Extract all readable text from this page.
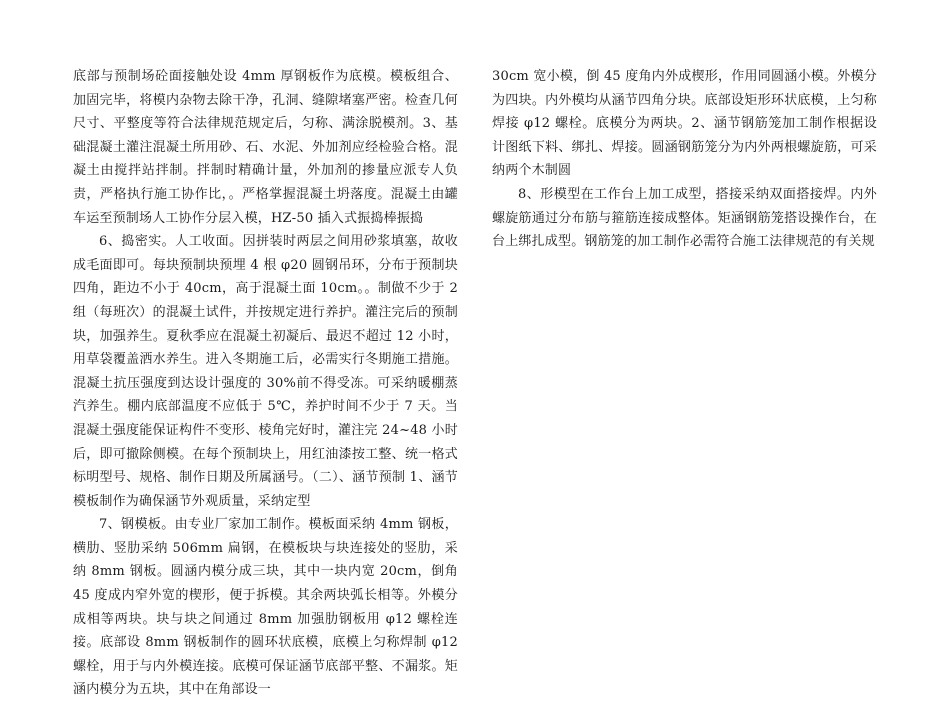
底部与预制场砼面接触处设 4mm 厚钢板作为底模。模板组合、加固完毕，将模内杂物去除干净，孔洞、缝隙堵塞严密。检查几何尺寸、平整度等符合法律规范规定后，匀称、满涂脱模剂。3、基础混凝土灌注混凝土所用砂、石、水泥、外加剂应经检验合格。混凝土由搅拌站拌制。拌制时精确计量，外加剂的掺量应派专人负责，严格执行施工协作比，。严格掌握混凝土坍落度。混凝土由罐车运至预制场人工协作分层入模，HZ-50 插入式振捣棒振捣

6、捣密实。人工收面。因拼装时两层之间用砂浆填塞，故收成毛面即可。每块预制块预埋 4 根 φ20 圆钢吊环，分布于预制块四角，距边不小于 40cm，高于混凝土面 10cm。。制做不少于 2 组（每班次）的混凝土试件，并按规定进行养护。灌注完后的预制块，加强养生。夏秋季应在混凝土初凝后、最迟不超过 12 小时，用草袋覆盖洒水养生。进入冬期施工后，必需实行冬期施工措施。混凝土抗压强度到达设计强度的 30%前不得受冻。可采纳暖棚蒸汽养生。棚内底部温度不应低于 5℃，养护时间不少于 7 天。当混凝土强度能保证构件不变形、棱角完好时，灌注完 24~48 小时后，即可撤除侧模。在每个预制块上，用红油漆按工整、统一格式标明型号、规格、制作日期及所属涵号。（二）、涵节预制 1、涵节模板制作为确保涵节外观质量，采纳定型

7、钢模板。由专业厂家加工制作。模板面采纳 4mm 钢板，横肋、竖肋采纳 506mm 扁钢，在模板块与块连接处的竖肋，采纳 8mm 钢板。圆涵内模分成三块，其中一块内宽 20cm，倒角 45 度成内窄外宽的楔形，便于拆模。其余两块弧长相等。外模分成相等两块。块与块之间通过 8mm 加强肋钢板用 φ12 螺栓连接。底部设 8mm 钢板制作的圆环状底模，底模上匀称焊制 φ12 螺栓，用于与内外模连接。底模可保证涵节底部平整、不漏浆。矩涵内模分为五块，其中在角部设一

30cm 宽小模，倒 45 度角内外成楔形，作用同圆涵小模。外模分为四块。内外模均从涵节四角分块。底部设矩形环状底模，上匀称焊接 φ12 螺栓。底模分为两块。2、涵节钢筋笼加工制作根据设计图纸下料、绑扎、焊接。圆涵钢筋笼分为内外两根螺旋筋，可采纳两个木制圆

8、形模型在工作台上加工成型，搭接采纳双面搭接焊。内外螺旋筋通过分布筋与箍筋连接成整体。矩涵钢筋笼搭设操作台，在台上绑扎成型。钢筋笼的加工制作必需符合施工法律规范的有关规
